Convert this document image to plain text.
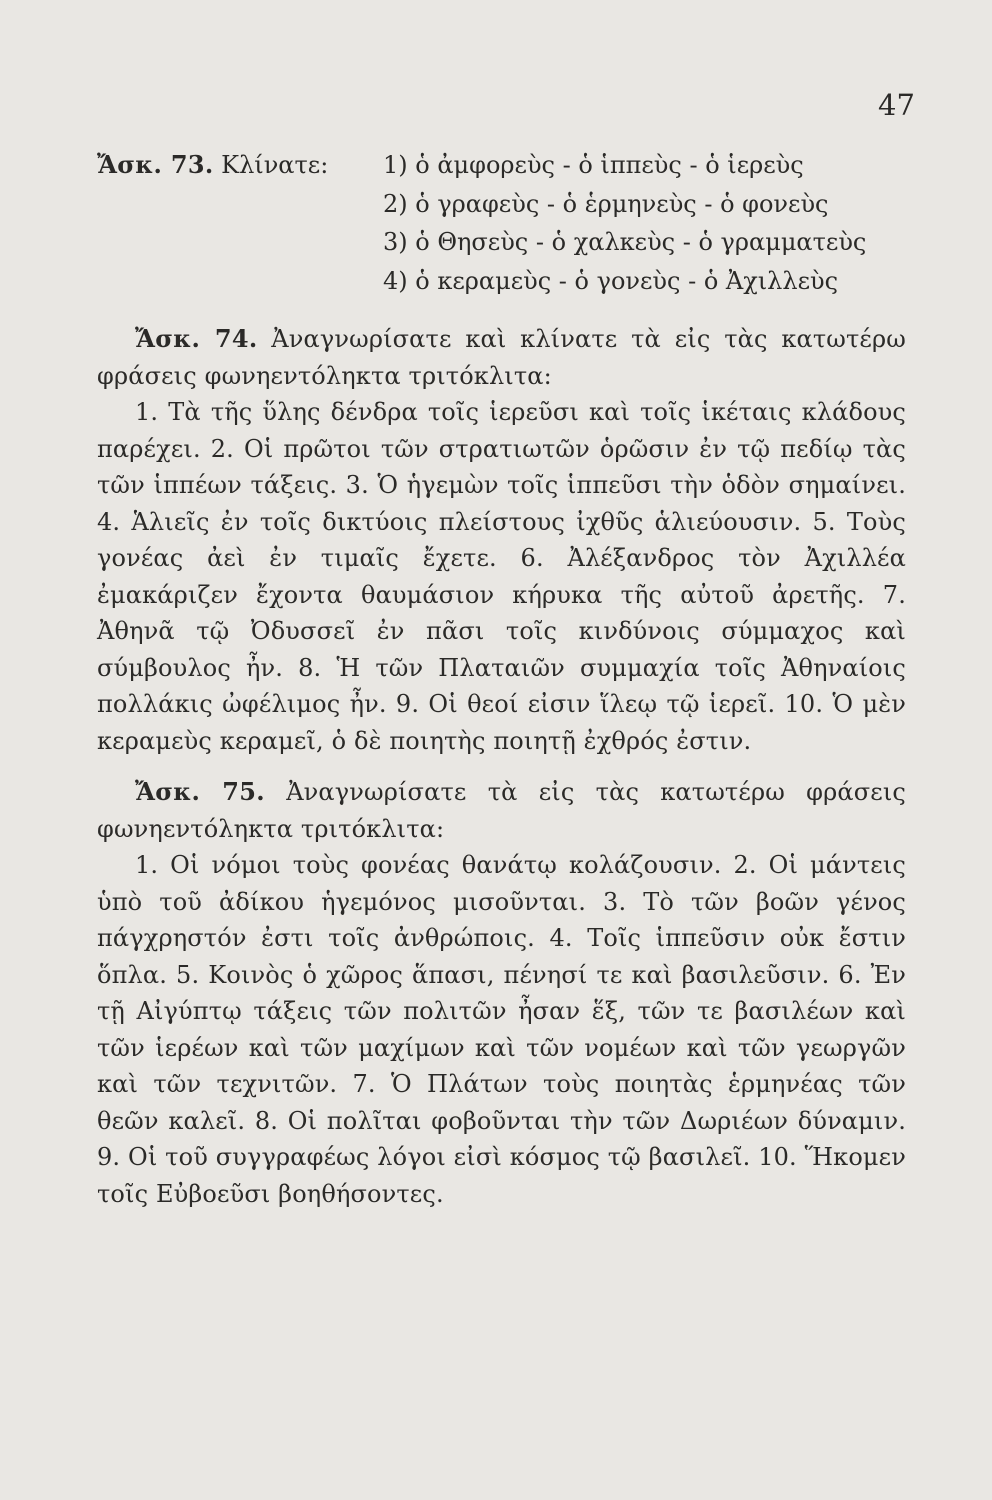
47
Ἄσκ. 73. Κλίνατε: 1) ὁ ἀμφορεὺς - ὁ ἱππεὺς - ὁ ἱερεὺς
2) ὁ γραφεὺς - ὁ ἑρμηνεὺς - ὁ φονεὺς
3) ὁ Θησεὺς - ὁ χαλκεὺς - ὁ γραμματεὺς
4) ὁ κεραμεὺς - ὁ γονεὺς - ὁ Ἀχιλλεὺς

Ἄσκ. 74. Ἀναγνωρίσατε καὶ κλίνατε τὰ εἰς τὰς κατωτέρω φράσεις φωνηεντόληκτα τριτόκλιτα:

1. Τὰ τῆς ὕλης δένδρα τοῖς ἱερεῦσι καὶ τοῖς ἱκέταις κλάδους παρέχει. 2. Οἱ πρῶτοι τῶν στρατιωτῶν ὁρῶσιν ἐν τῷ πεδίῳ τὰς τῶν ἱππέων τάξεις. 3. Ὁ ἡγεμὼν τοῖς ἱππεῦσι τὴν ὁδὸν σημαίνει. 4. Ἁλιεῖς ἐν τοῖς δικτύοις πλείστους ἰχθῦς ἁλιεύουσιν. 5. Τοὺς γονέας ἀεὶ ἐν τιμαῖς ἔχετε. 6. Ἀλέξανδρος τὸν Ἀχιλλέα ἐμακάριζεν ἔχοντα θαυμάσιον κήρυκα τῆς αὐτοῦ ἀρετῆς. 7. Ἀθηνᾶ τῷ Ὀδυσσεῖ ἐν πᾶσι τοῖς κινδύνοις σύμμαχος καὶ σύμβουλος ἦν. 8. Ἡ τῶν Πλαταιῶν συμμαχία τοῖς Ἀθηναίοις πολλάκις ὠφέλιμος ἦν. 9. Οἱ θεοί εἰσιν ἵλεῳ τῷ ἱερεῖ. 10. Ὁ μὲν κεραμεὺς κεραμεῖ, ὁ δὲ ποιητὴς ποιητῇ ἐχθρός ἐστιν.

Ἄσκ. 75. Ἀναγνωρίσατε τὰ εἰς τὰς κατωτέρω φράσεις φωνηεντόληκτα τριτόκλιτα:

1. Οἱ νόμοι τοὺς φονέας θανάτῳ κολάζουσιν. 2. Οἱ μάντεις ὑπὸ τοῦ ἀδίκου ἡγεμόνος μισοῦνται. 3. Τὸ τῶν βοῶν γένος πάγχρηστόν ἐστι τοῖς ἀνθρώποις. 4. Τοῖς ἱππεῦσιν οὐκ ἔστιν ὅπλα. 5. Κοινὸς ὁ χῶρος ἅπασι, πένησί τε καὶ βασιλεῦσιν. 6. Ἐν τῇ Αἰγύπτῳ τάξεις τῶν πολιτῶν ἦσαν ἕξ, τῶν τε βασιλέων καὶ τῶν ἱερέων καὶ τῶν μαχίμων καὶ τῶν νομέων καὶ τῶν γεωργῶν καὶ τῶν τεχνιτῶν. 7. Ὁ Πλάτων τοὺς ποιητὰς ἑρμηνέας τῶν θεῶν καλεῖ. 8. Οἱ πολῖται φοβοῦνται τὴν τῶν Δωριέων δύναμιν. 9. Οἱ τοῦ συγγραφέως λόγοι εἰσὶ κόσμος τῷ βασιλεῖ. 10. Ἥκομεν τοῖς Εὐβοεῦσι βοηθήσοντες.
